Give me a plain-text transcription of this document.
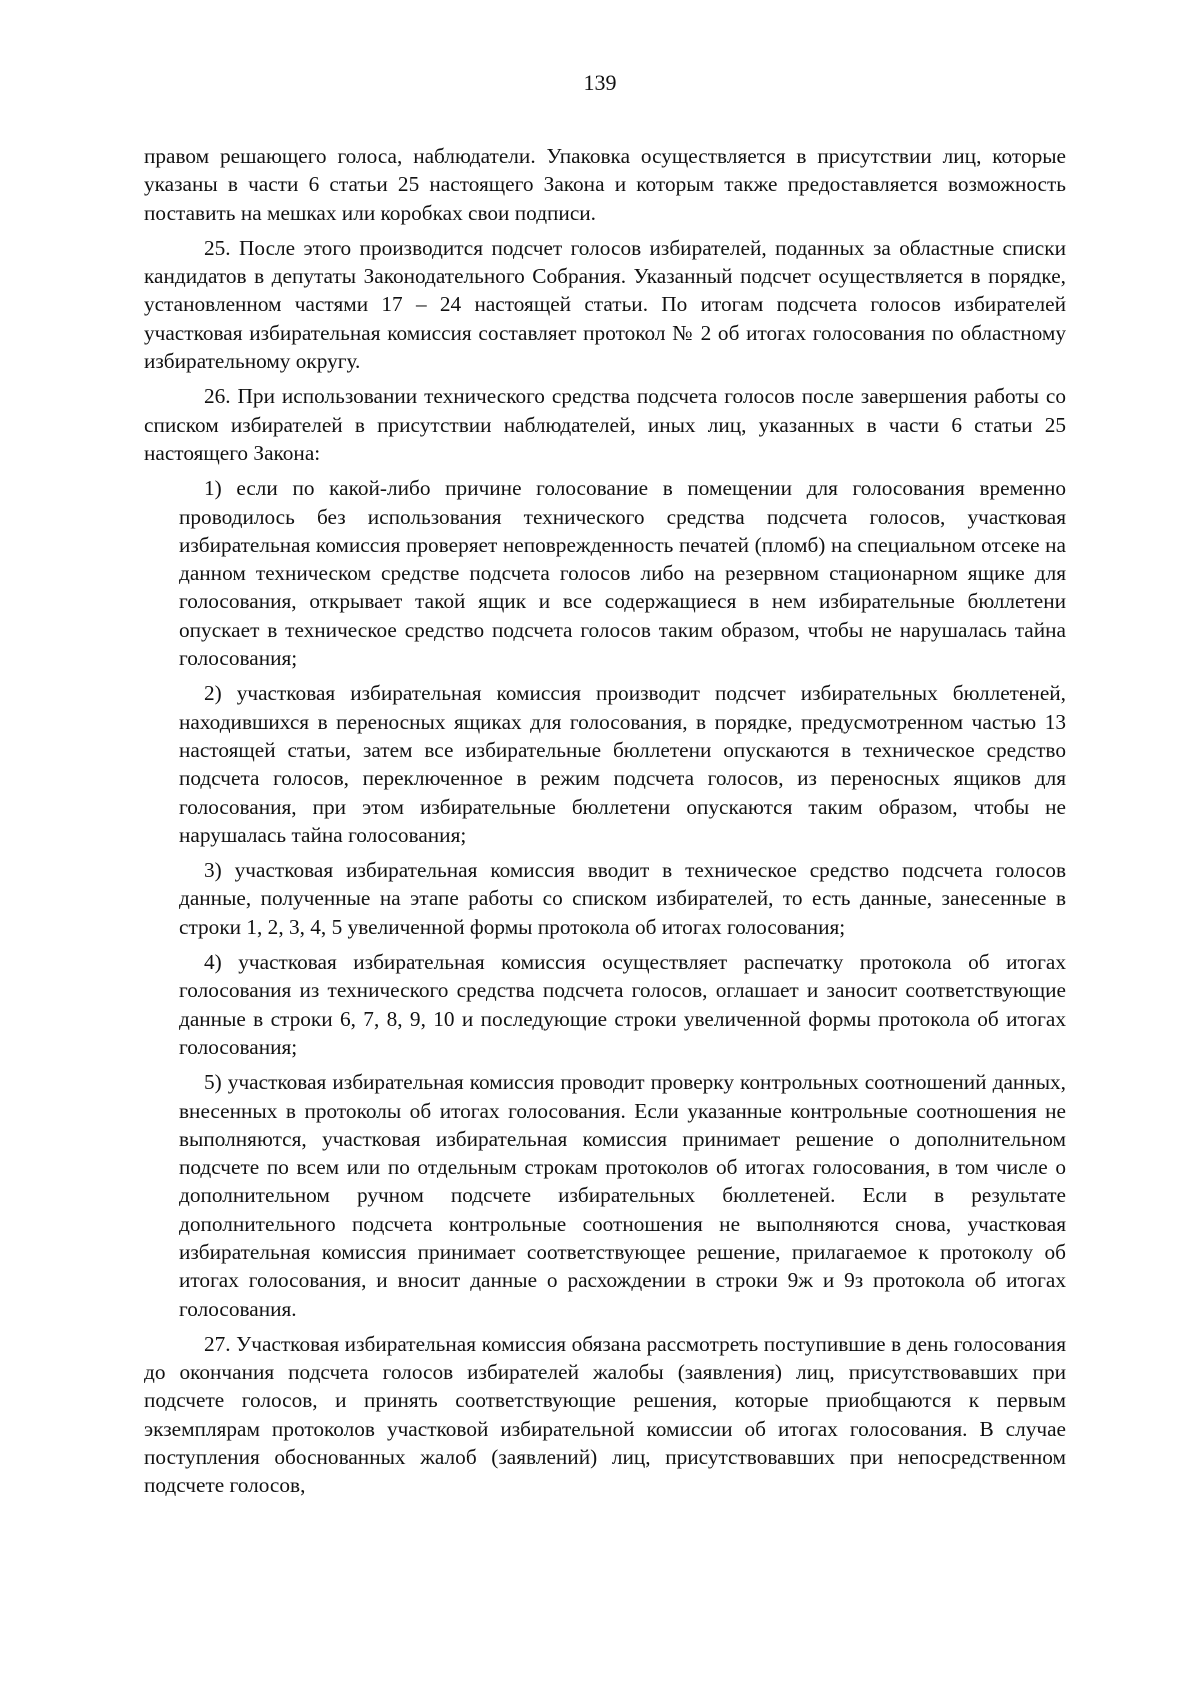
139

правом решающего голоса, наблюдатели. Упаковка осуществляется в присутствии лиц, которые указаны в части 6 статьи 25 настоящего Закона и которым также предоставляется возможность поставить на мешках или коробках свои подписи.

25. После этого производится подсчет голосов избирателей, поданных за областные списки кандидатов в депутаты Законодательного Собрания. Указанный подсчет осуществляется в порядке, установленном частями 17 – 24 настоящей статьи. По итогам подсчета голосов избирателей участковая избирательная комиссия составляет протокол № 2 об итогах голосования по областному избирательному округу.

26. При использовании технического средства подсчета голосов после завершения работы со списком избирателей в присутствии наблюдателей, иных лиц, указанных в части 6 статьи 25 настоящего Закона:

1) если по какой-либо причине голосование в помещении для голосования временно проводилось без использования технического средства подсчета голосов, участковая избирательная комиссия проверяет неповрежденность печатей (пломб) на специальном отсеке на данном техническом средстве подсчета голосов либо на резервном стационарном ящике для голосования, открывает такой ящик и все содержащиеся в нем избирательные бюллетени опускает в техническое средство подсчета голосов таким образом, чтобы не нарушалась тайна голосования;

2) участковая избирательная комиссия производит подсчет избирательных бюллетеней, находившихся в переносных ящиках для голосования, в порядке, предусмотренном частью 13 настоящей статьи, затем все избирательные бюллетени опускаются в техническое средство подсчета голосов, переключенное в режим подсчета голосов, из переносных ящиков для голосования, при этом избирательные бюллетени опускаются таким образом, чтобы не нарушалась тайна голосования;

3) участковая избирательная комиссия вводит в техническое средство подсчета голосов данные, полученные на этапе работы со списком избирателей, то есть данные, занесенные в строки 1, 2, 3, 4, 5 увеличенной формы протокола об итогах голосования;

4) участковая избирательная комиссия осуществляет распечатку протокола об итогах голосования из технического средства подсчета голосов, оглашает и заносит соответствующие данные в строки 6, 7, 8, 9, 10 и последующие строки увеличенной формы протокола об итогах голосования;

5) участковая избирательная комиссия проводит проверку контрольных соотношений данных, внесенных в протоколы об итогах голосования. Если указанные контрольные соотношения не выполняются, участковая избирательная комиссия принимает решение о дополнительном подсчете по всем или по отдельным строкам протоколов об итогах голосования, в том числе о дополнительном ручном подсчете избирательных бюллетеней. Если в результате дополнительного подсчета контрольные соотношения не выполняются снова, участковая избирательная комиссия принимает соответствующее решение, прилагаемое к протоколу об итогах голосования, и вносит данные о расхождении в строки 9ж и 9з протокола об итогах голосования.

27. Участковая избирательная комиссия обязана рассмотреть поступившие в день голосования до окончания подсчета голосов избирателей жалобы (заявления) лиц, присутствовавших при подсчете голосов, и принять соответствующие решения, которые приобщаются к первым экземплярам протоколов участковой избирательной комиссии об итогах голосования. В случае поступления обоснованных жалоб (заявлений) лиц, присутствовавших при непосредственном подсчете голосов,
